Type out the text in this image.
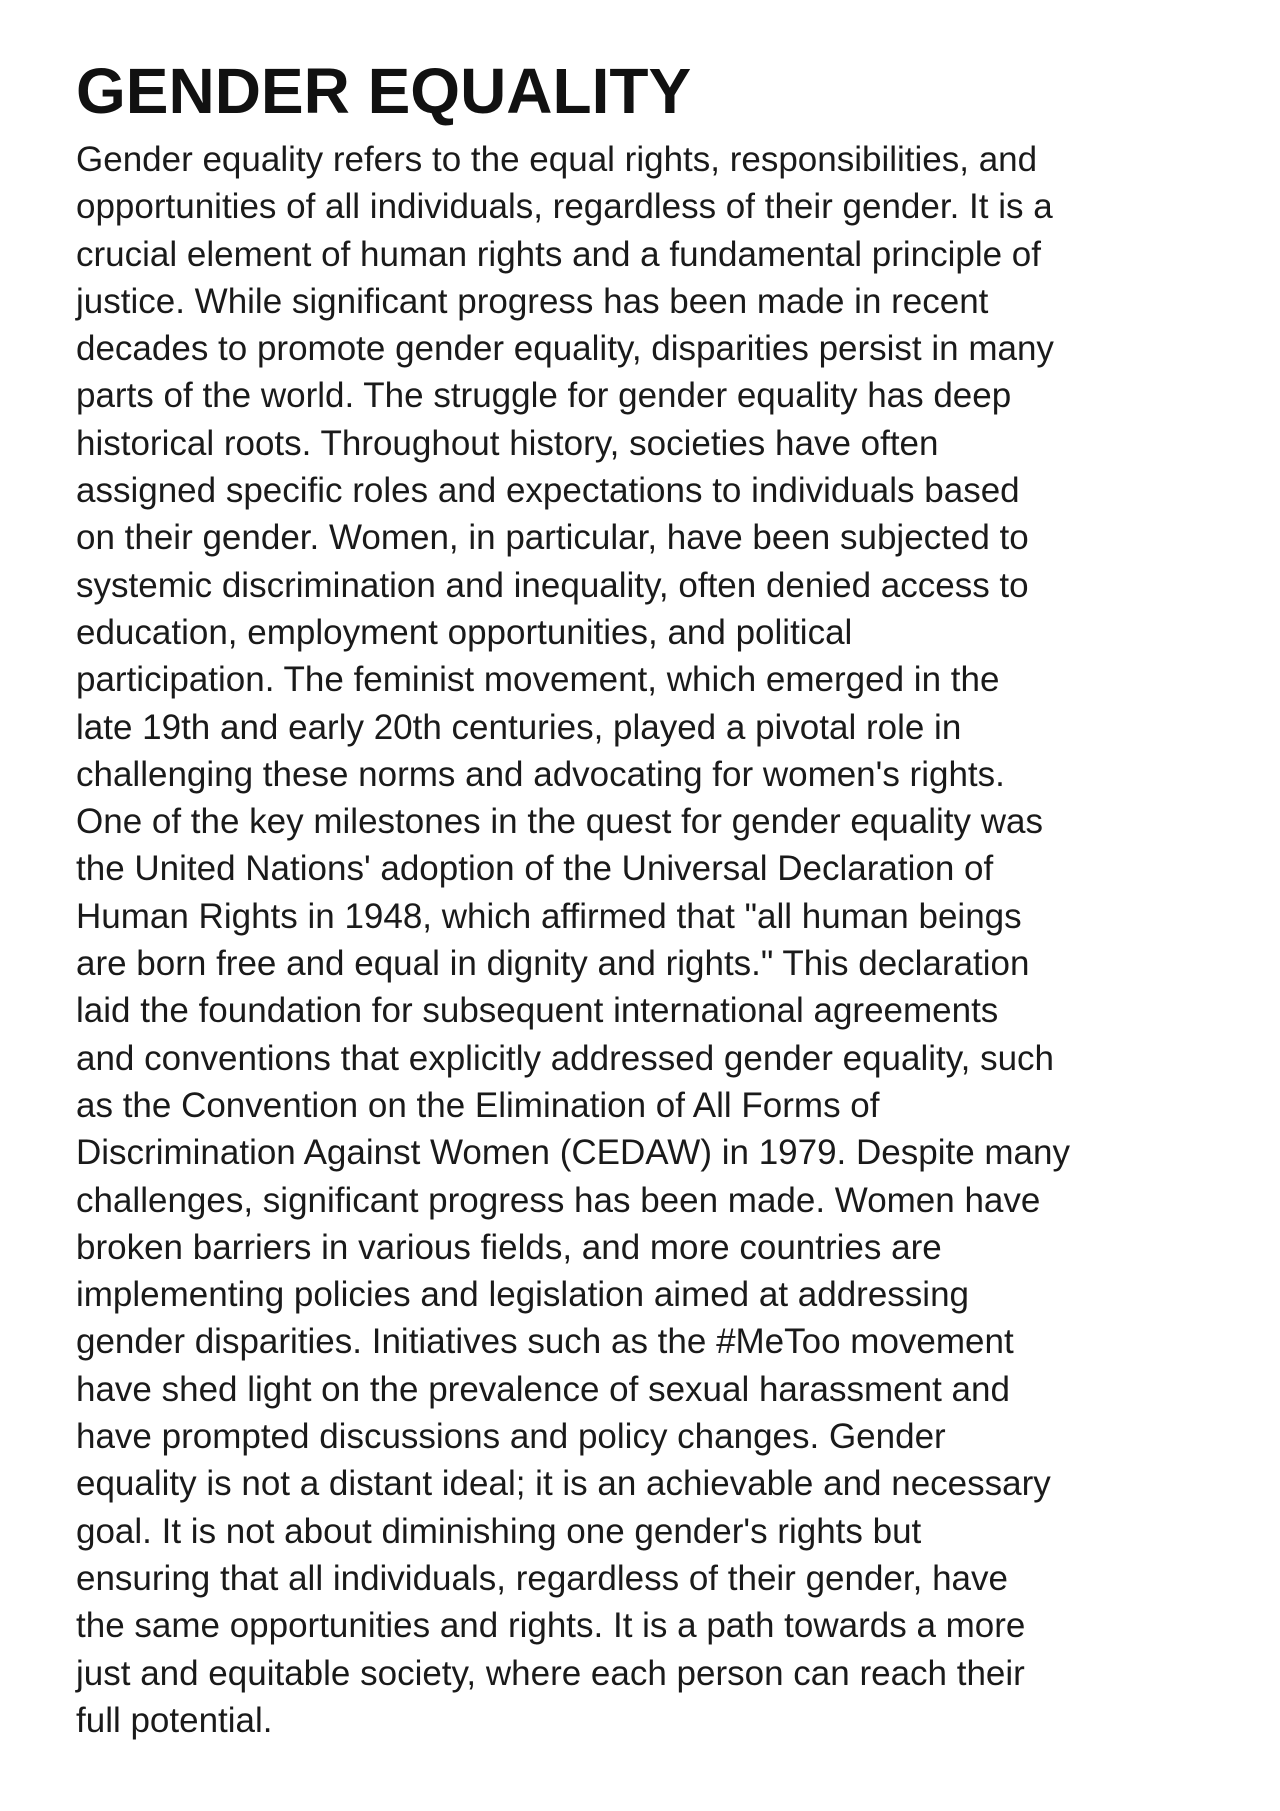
GENDER EQUALITY
Gender equality refers to the equal rights, responsibilities, and
opportunities of all individuals, regardless of their gender. It is a
crucial element of human rights and a fundamental principle of
justice. While significant progress has been made in recent
decades to promote gender equality, disparities persist in many
parts of the world. The struggle for gender equality has deep
historical roots. Throughout history, societies have often
assigned specific roles and expectations to individuals based
on their gender. Women, in particular, have been subjected to
systemic discrimination and inequality, often denied access to
education, employment opportunities, and political
participation. The feminist movement, which emerged in the
late 19th and early 20th centuries, played a pivotal role in
challenging these norms and advocating for women's rights.
One of the key milestones in the quest for gender equality was
the United Nations' adoption of the Universal Declaration of
Human Rights in 1948, which affirmed that "all human beings
are born free and equal in dignity and rights." This declaration
laid the foundation for subsequent international agreements
and conventions that explicitly addressed gender equality, such
as the Convention on the Elimination of All Forms of
Discrimination Against Women (CEDAW) in 1979. Despite many
challenges, significant progress has been made. Women have
broken barriers in various fields, and more countries are
implementing policies and legislation aimed at addressing
gender disparities. Initiatives such as the #MeToo movement
have shed light on the prevalence of sexual harassment and
have prompted discussions and policy changes. Gender
equality is not a distant ideal; it is an achievable and necessary
goal. It is not about diminishing one gender's rights but
ensuring that all individuals, regardless of their gender, have
the same opportunities and rights. It is a path towards a more
just and equitable society, where each person can reach their
full potential.
